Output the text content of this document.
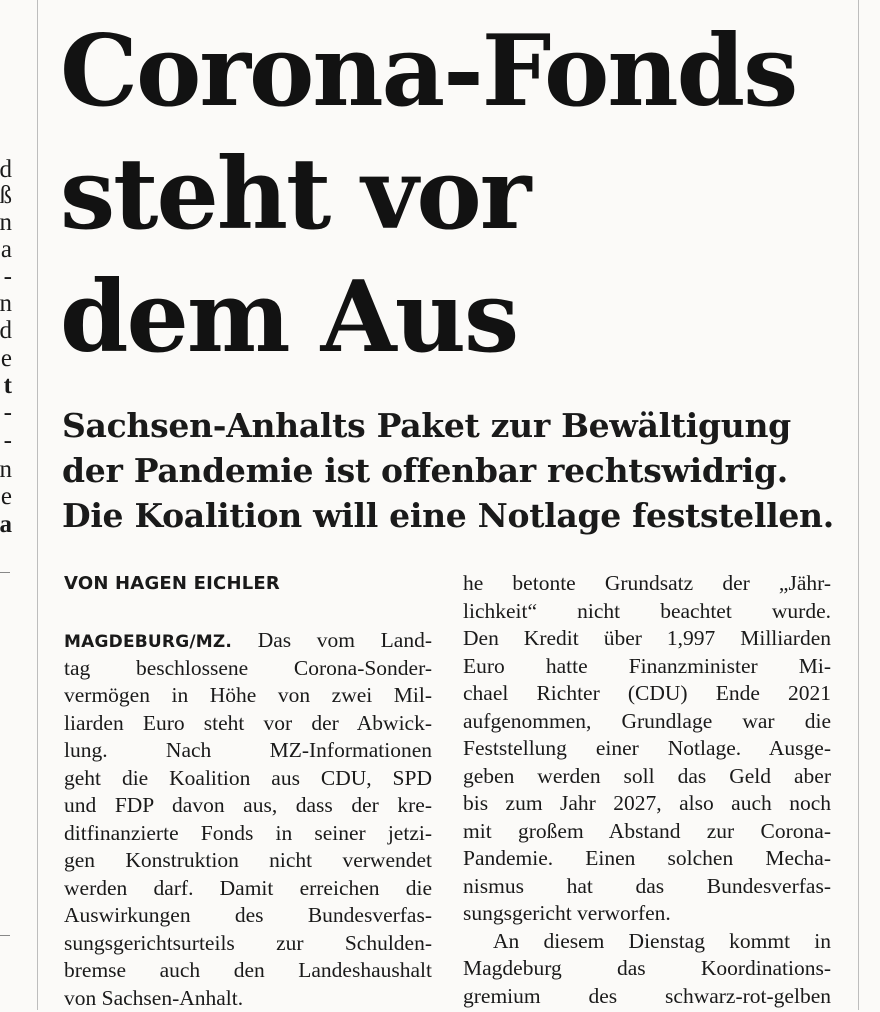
d
ß
n
a
-
n
d
e
t
-
-
n
e
a
Corona-Fonds
steht vor
dem Aus
Sachsen-Anhalts Paket zur Bewältigung
der Pandemie ist offenbar rechtswidrig.
Die Koalition will eine Notlage feststellen.
VON HAGEN EICHLER
MAGDEBURG/MZ. Das vom Land-
tag beschlossene Corona-Sonder-
vermögen in Höhe von zwei Mil-
liarden Euro steht vor der Abwick-
lung. Nach MZ-Informationen
geht die Koalition aus CDU, SPD
und FDP davon aus, dass der kre-
ditfinanzierte Fonds in seiner jetzi-
gen Konstruktion nicht verwendet
werden darf. Damit erreichen die
Auswirkungen des Bundesverfas-
sungsgerichtsurteils zur Schulden-
bremse auch den Landeshaushalt
von Sachsen-Anhalt.
he betonte Grundsatz der „Jähr-
lichkeit“ nicht beachtet wurde.
Den Kredit über 1,997 Milliarden
Euro hatte Finanzminister Mi-
chael Richter (CDU) Ende 2021
aufgenommen, Grundlage war die
Feststellung einer Notlage. Ausge-
geben werden soll das Geld aber
bis zum Jahr 2027, also auch noch
mit großem Abstand zur Corona-
Pandemie. Einen solchen Mecha-
nismus hat das Bundesverfas-
sungsgericht verworfen.
An diesem Dienstag kommt in
Magdeburg das Koordinations-
gremium des schwarz-rot-gelben
